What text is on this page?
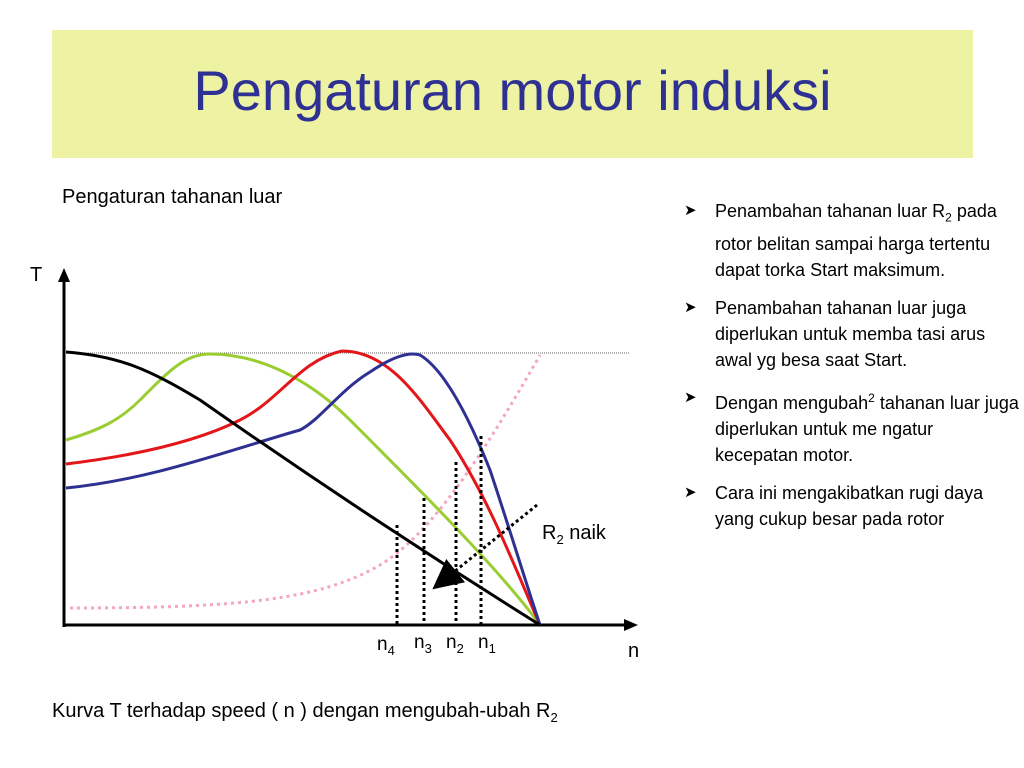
Pengaturan motor induksi

Pengaturan tahanan luar

T
n
$n_4$ $n_3$ $n_2$ $n_1$
$R_2$ naik
➤ Penambahan tahanan luar $R_2$ pada rotor belitan sampai harga tertentu dapat torka Start maksimum.
➤ Penambahan tahanan luar juga diperlukan untuk memba tasi arus awal yg besa saat Start.
➤ Dengan mengubah$^2$ tahanan luar juga diperlukan untuk me ngatur kecepatan motor.
➤ Cara ini mengakibatkan rugi daya yang cukup besar pada rotor

Kurva T terhadap speed ( n ) dengan mengubah-ubah $R_2$
